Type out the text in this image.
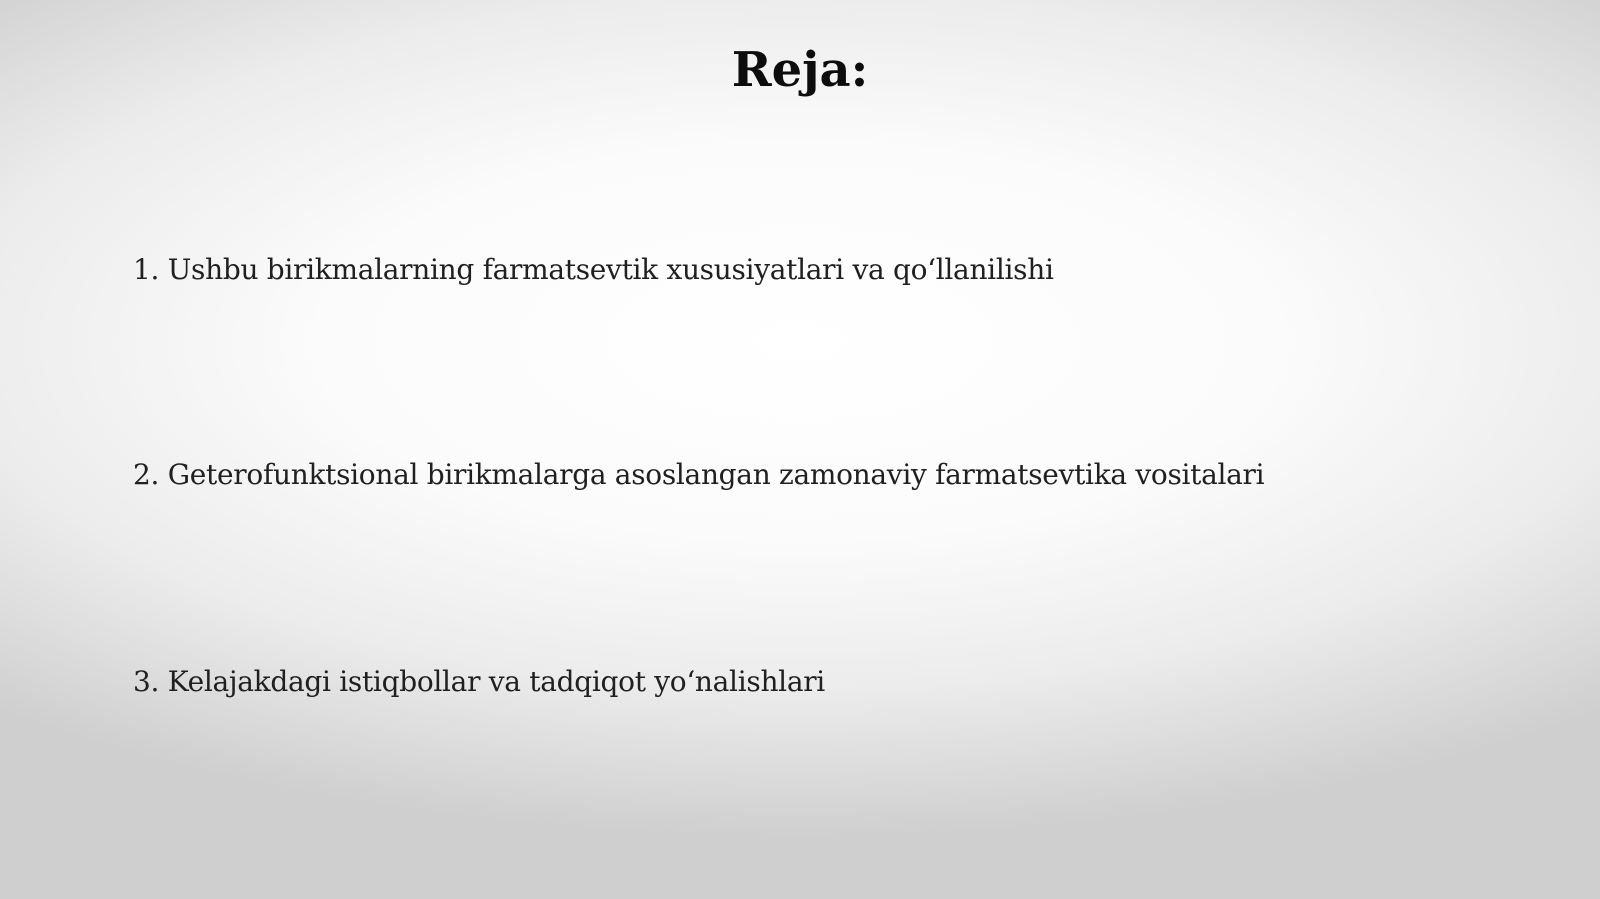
Reja:
1. Ushbu birikmalarning farmatsevtik xususiyatlari va qo‘llanilishi
2. Geterofunktsional birikmalarga asoslangan zamonaviy farmatsevtika vositalari
3. Kelajakdagi istiqbollar va tadqiqot yo‘nalishlari
